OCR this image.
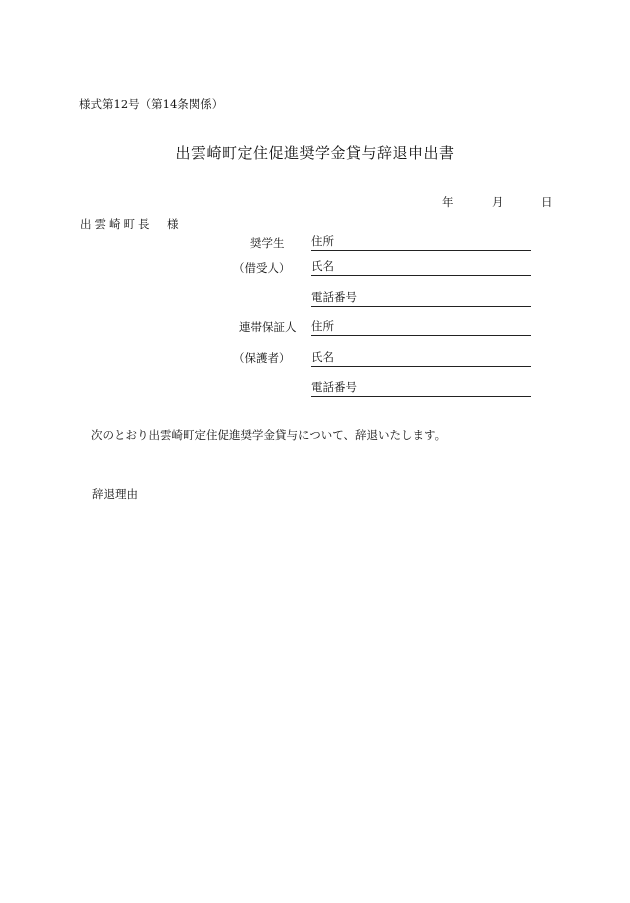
様式第12号（第14条関係）
出雲崎町定住促進奨学金貸与辞退申出書
年	月	日
出雲崎町長　様
奨学生
（借受人）
住所
氏名
電話番号
連帯保証人
（保護者）
住所
氏名
電話番号
次のとおり出雲崎町定住促進奨学金貸与について、辞退いたします。
辞退理由
